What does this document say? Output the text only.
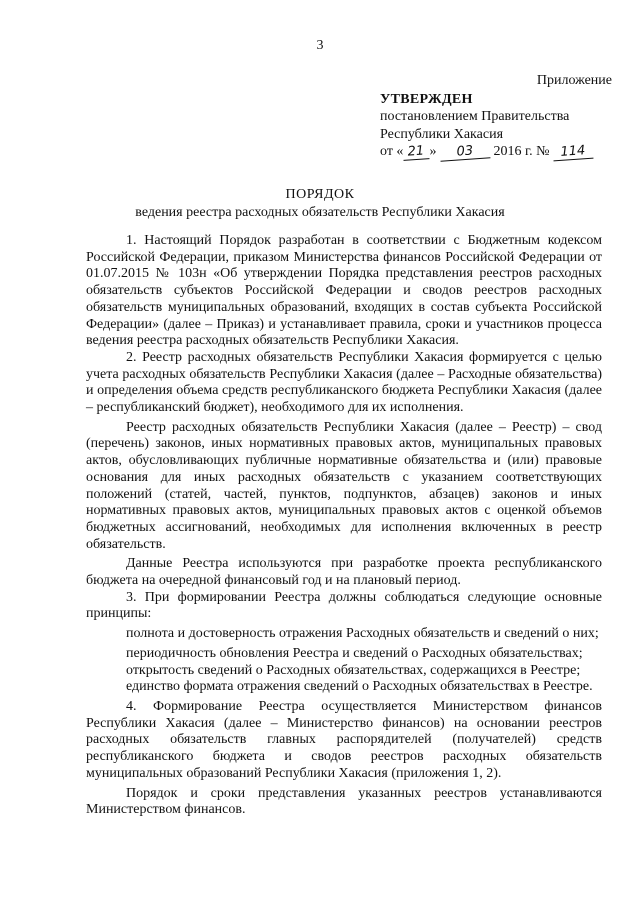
3
Приложение
УТВЕРЖДЕН
постановлением Правительства
Республики Хакасия
от « 21 » 03 2016 г. № 114
ПОРЯДОК
ведения реестра расходных обязательств Республики Хакасия

1. Настоящий Порядок разработан в соответствии с Бюджетным кодексом Российской Федерации, приказом Министерства финансов Российской Федерации от 01.07.2015 № 103н «Об утверждении Порядка представления реестров расходных обязательств субъектов Российской Федерации и сводов реестров расходных обязательств муниципальных образований, входящих в состав субъекта Российской Федерации» (далее – Приказ) и устанавливает правила, сроки и участников процесса ведения реестра расходных обязательств Республики Хакасия.

2. Реестр расходных обязательств Республики Хакасия формируется с целью учета расходных обязательств Республики Хакасия (далее – Расходные обязательства) и определения объема средств республиканского бюджета Республики Хакасия (далее – республиканский бюджет), необходимого для их исполнения.

Реестр расходных обязательств Республики Хакасия (далее – Реестр) – свод (перечень) законов, иных нормативных правовых актов, муниципальных правовых актов, обусловливающих публичные нормативные обязательства и (или) правовые основания для иных расходных обязательств с указанием соответствующих положений (статей, частей, пунктов, подпунктов, абзацев) законов и иных нормативных правовых актов, муниципальных правовых актов с оценкой объемов бюджетных ассигнований, необходимых для исполнения включенных в реестр обязательств.

Данные Реестра используются при разработке проекта республиканского бюджета на очередной финансовый год и на плановый период.

3. При формировании Реестра должны соблюдаться следующие основные принципы:

полнота и достоверность отражения Расходных обязательств и сведений о них;

периодичность обновления Реестра и сведений о Расходных обязательствах;

открытость сведений о Расходных обязательствах, содержащихся в Реестре;

единство формата отражения сведений о Расходных обязательствах в Реестре.

4. Формирование Реестра осуществляется Министерством финансов Республики Хакасия (далее – Министерство финансов) на основании реестров расходных обязательств главных распорядителей (получателей) средств республиканского бюджета и сводов реестров расходных обязательств муниципальных образований Республики Хакасия (приложения 1, 2).

Порядок и сроки представления указанных реестров устанавливаются Министерством финансов.
